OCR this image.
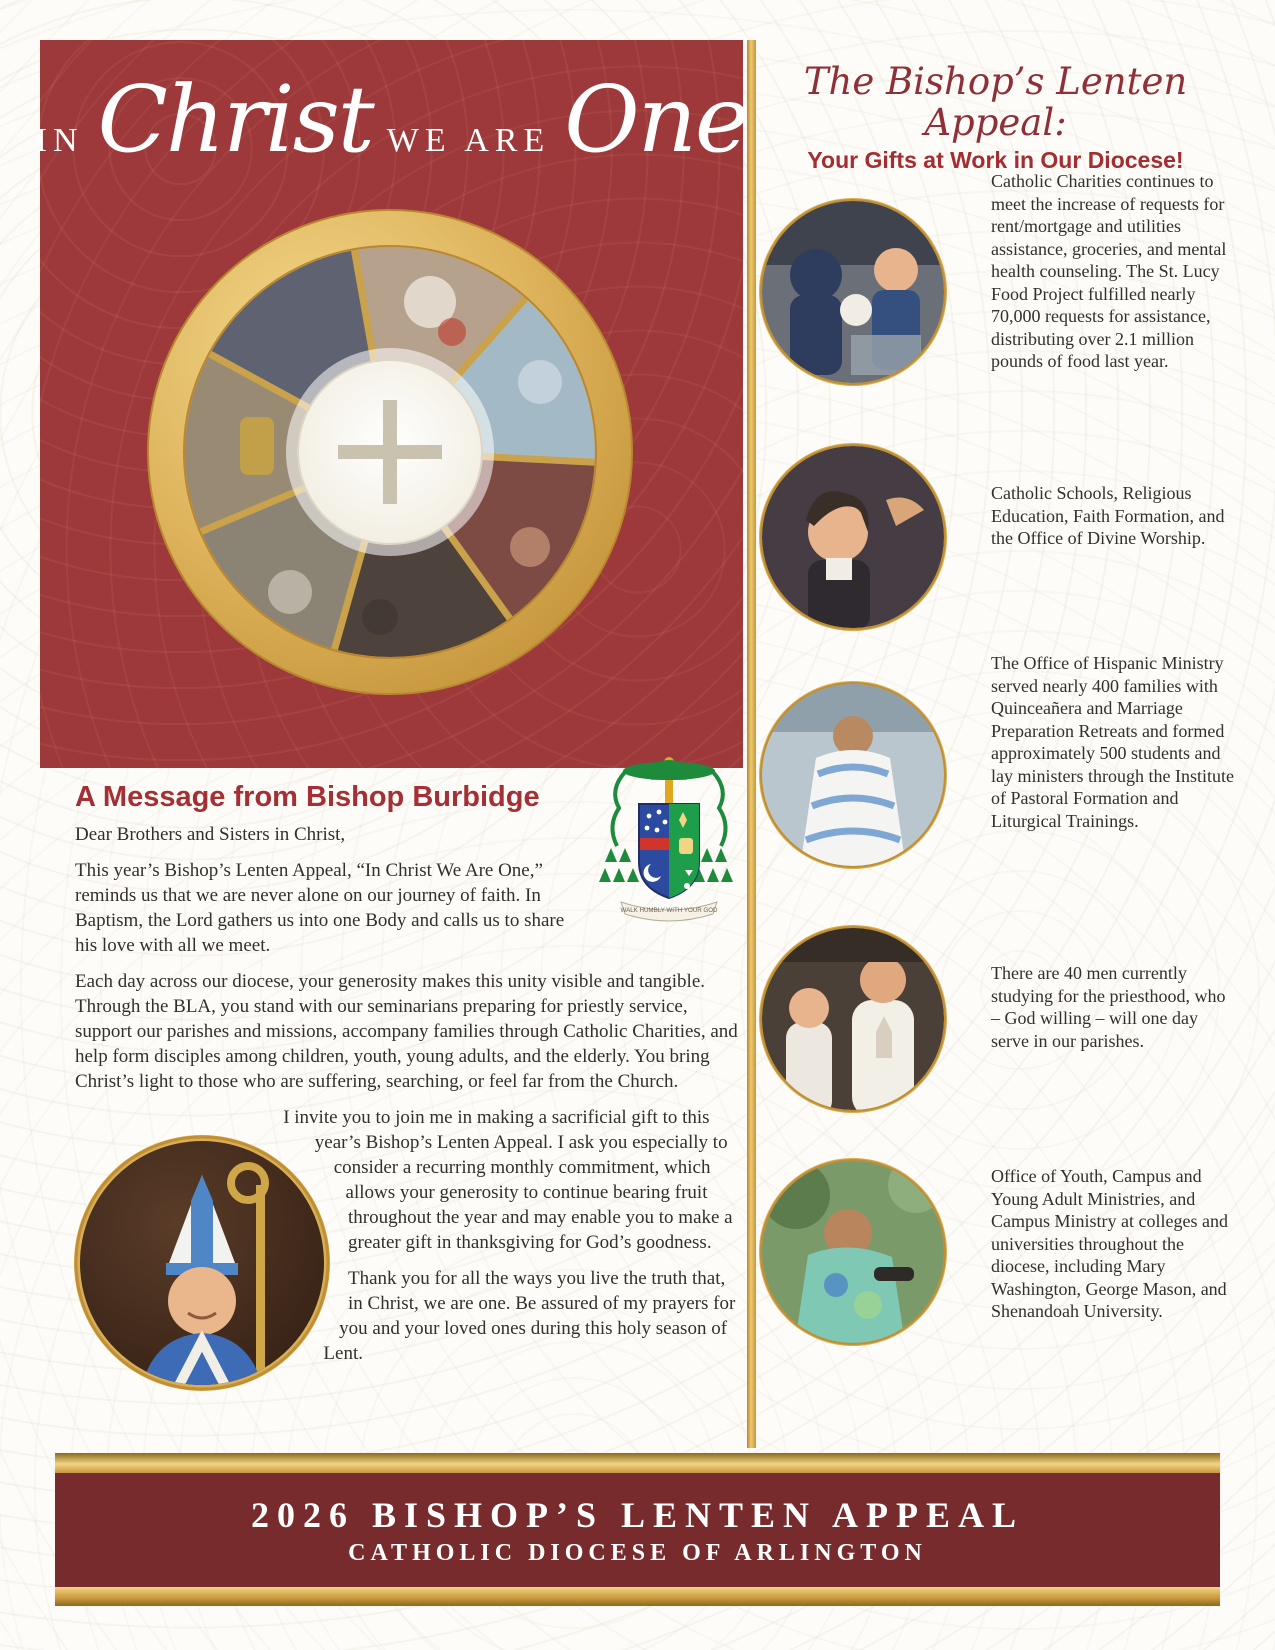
IN Christ WE ARE One	The Bishop’s Lenten Appeal:
Your Gifts at Work in Our Diocese!
Catholic Charities continues to meet the increase of requests for rent/mortgage and utilities assistance, groceries, and mental health counseling. The St. Lucy Food Project fulfilled nearly 70,000 requests for assistance, distributing over 2.1 million pounds of food last year.
Catholic Schools, Religious Education, Faith Formation, and the Office of Divine Worship.
The Office of Hispanic Ministry served nearly 400 families with Quinceañera and Marriage Preparation Retreats and formed approximately 500 students and lay ministers through the Institute of Pastoral Formation and Liturgical Trainings.
There are 40 men currently studying for the priesthood, who – God willing – will one day serve in our parishes.
Office of Youth, Campus and Young Adult Ministries, and Campus Ministry at colleges and universities throughout the diocese, including Mary Washington, George Mason, and Shenandoah University.
WALK HUMBLY WITH YOUR GOD
A Message from Bishop Burbidge

Dear Brothers and Sisters in Christ,

This year’s Bishop’s Lenten Appeal, “In Christ We Are One,” reminds us that we are never alone on our journey of faith. In Baptism, the Lord gathers us into one Body and calls us to share his love with all we meet.

Each day across our diocese, your generosity makes this unity visible and tangible. Through the BLA, you stand with our seminarians preparing for priestly service, support our parishes and missions, accompany families through Catholic Charities, and help form disciples among children, youth, young adults, and the elderly. You bring Christ’s light to those who are suffering, searching, or feel far from the Church.

I invite you to join me in making a sacrificial gift to this year’s Bishop’s Lenten Appeal. I ask you especially to consider a recurring monthly commitment, which allows your generosity to continue bearing fruit throughout the year and may enable you to make a greater gift in thanksgiving for God’s goodness.

Thank you for all the ways you live the truth that, in Christ, we are one. Be assured of my prayers for you and your loved ones during this holy season of Lent.

2026 BISHOP’S LENTEN APPEAL
CATHOLIC DIOCESE OF ARLINGTON
